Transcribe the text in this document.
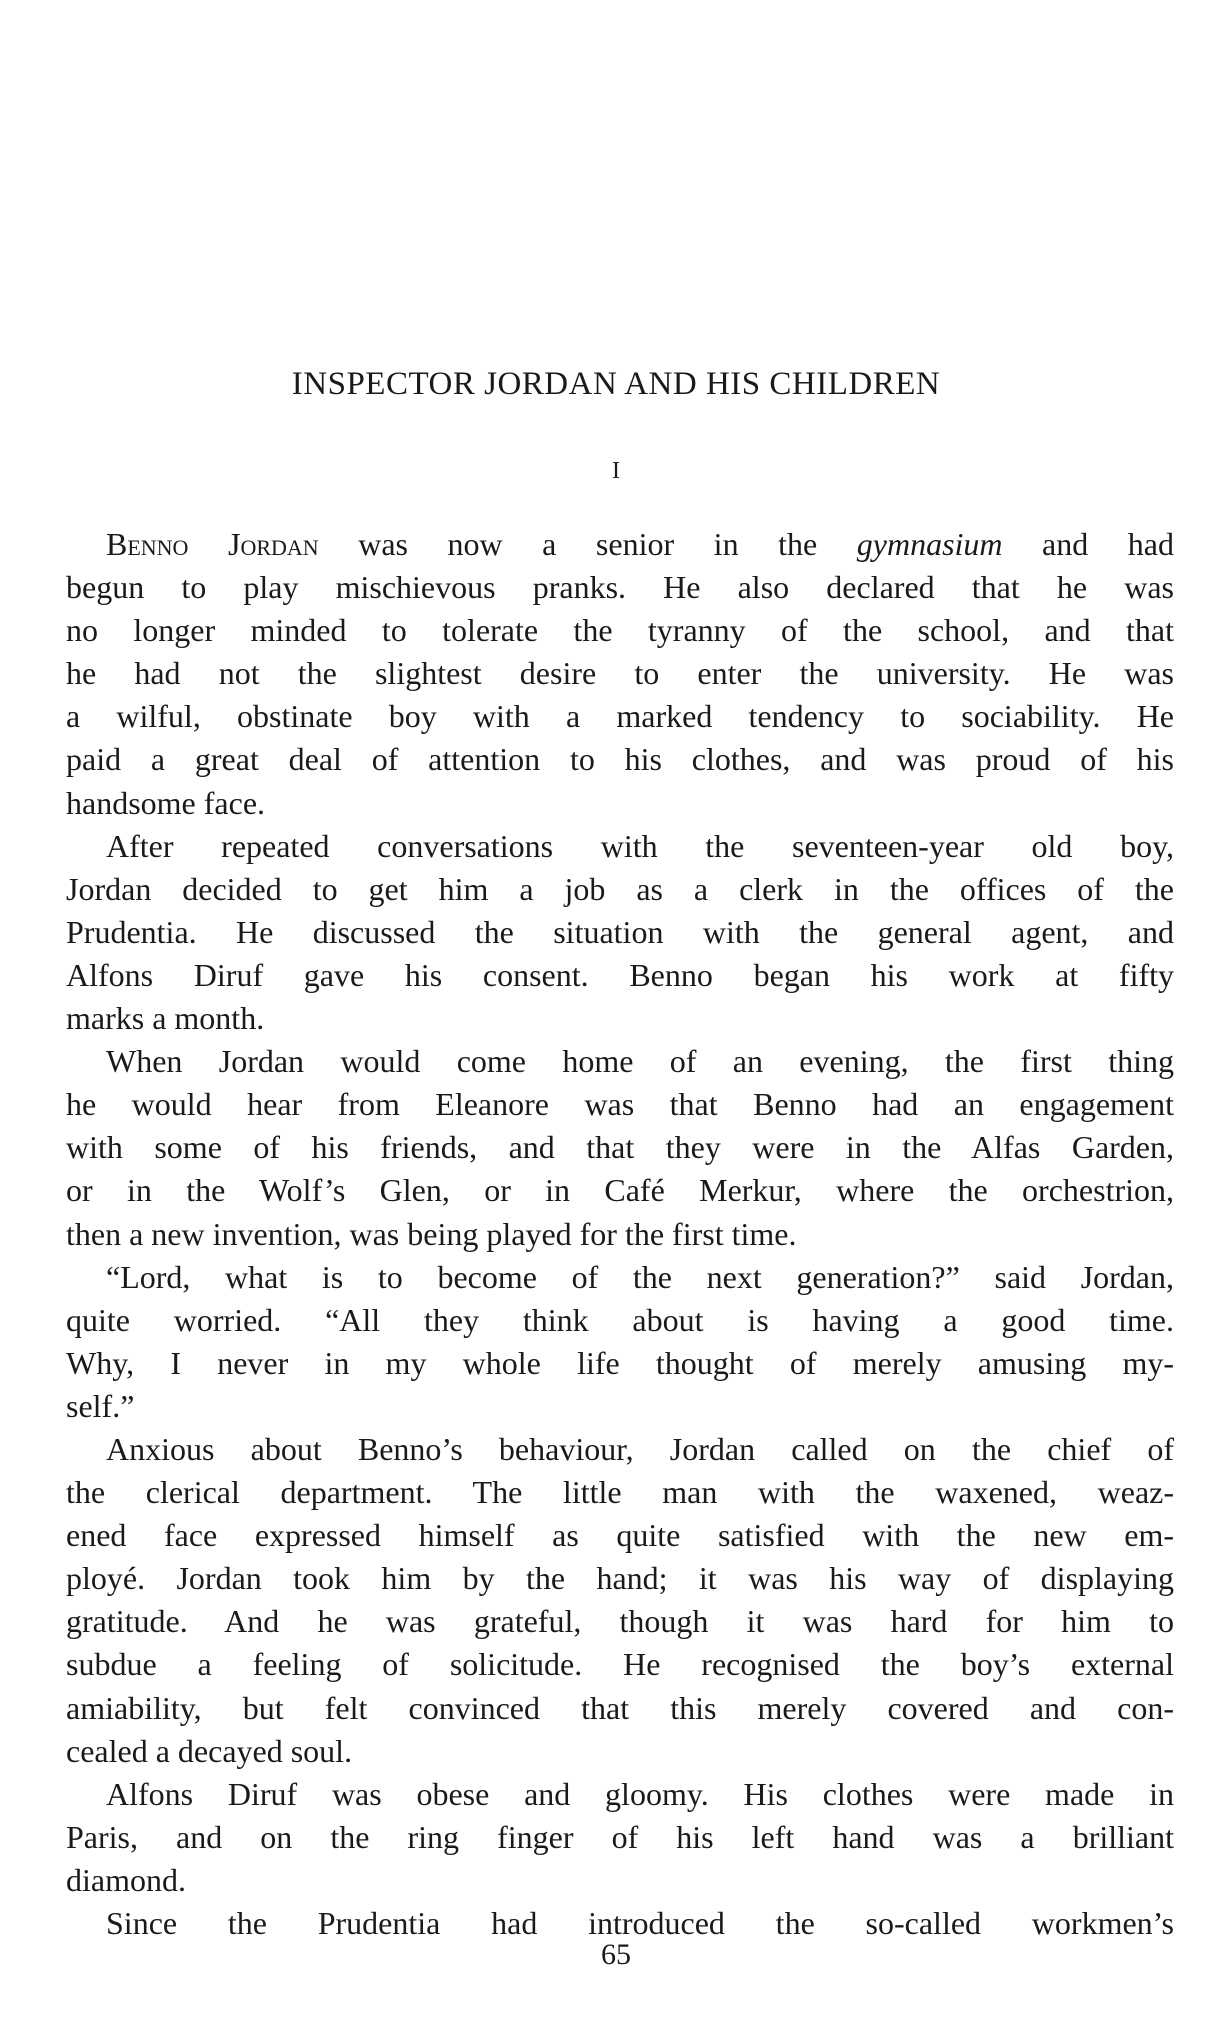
INSPECTOR JORDAN AND HIS CHILDREN
I
Benno Jordan was now a senior in the gymnasium and had
begun to play mischievous pranks. He also declared that he was
no longer minded to tolerate the tyranny of the school, and that
he had not the slightest desire to enter the university. He was
a wilful, obstinate boy with a marked tendency to sociability. He
paid a great deal of attention to his clothes, and was proud of his
handsome face.
After repeated conversations with the seventeen-year old boy,
Jordan decided to get him a job as a clerk in the offices of the
Prudentia. He discussed the situation with the general agent, and
Alfons Diruf gave his consent. Benno began his work at fifty
marks a month.
When Jordan would come home of an evening, the first thing
he would hear from Eleanore was that Benno had an engagement
with some of his friends, and that they were in the Alfas Garden,
or in the Wolf’s Glen, or in Café Merkur, where the orchestrion,
then a new invention, was being played for the first time.
“Lord, what is to become of the next generation?” said Jordan,
quite worried. “All they think about is having a good time.
Why, I never in my whole life thought of merely amusing my-
self.”
Anxious about Benno’s behaviour, Jordan called on the chief of
the clerical department. The little man with the waxened, weaz-
ened face expressed himself as quite satisfied with the new em-
ployé. Jordan took him by the hand; it was his way of displaying
gratitude. And he was grateful, though it was hard for him to
subdue a feeling of solicitude. He recognised the boy’s external
amiability, but felt convinced that this merely covered and con-
cealed a decayed soul.
Alfons Diruf was obese and gloomy. His clothes were made in
Paris, and on the ring finger of his left hand was a brilliant
diamond.
Since the Prudentia had introduced the so-called workmen’s
65
